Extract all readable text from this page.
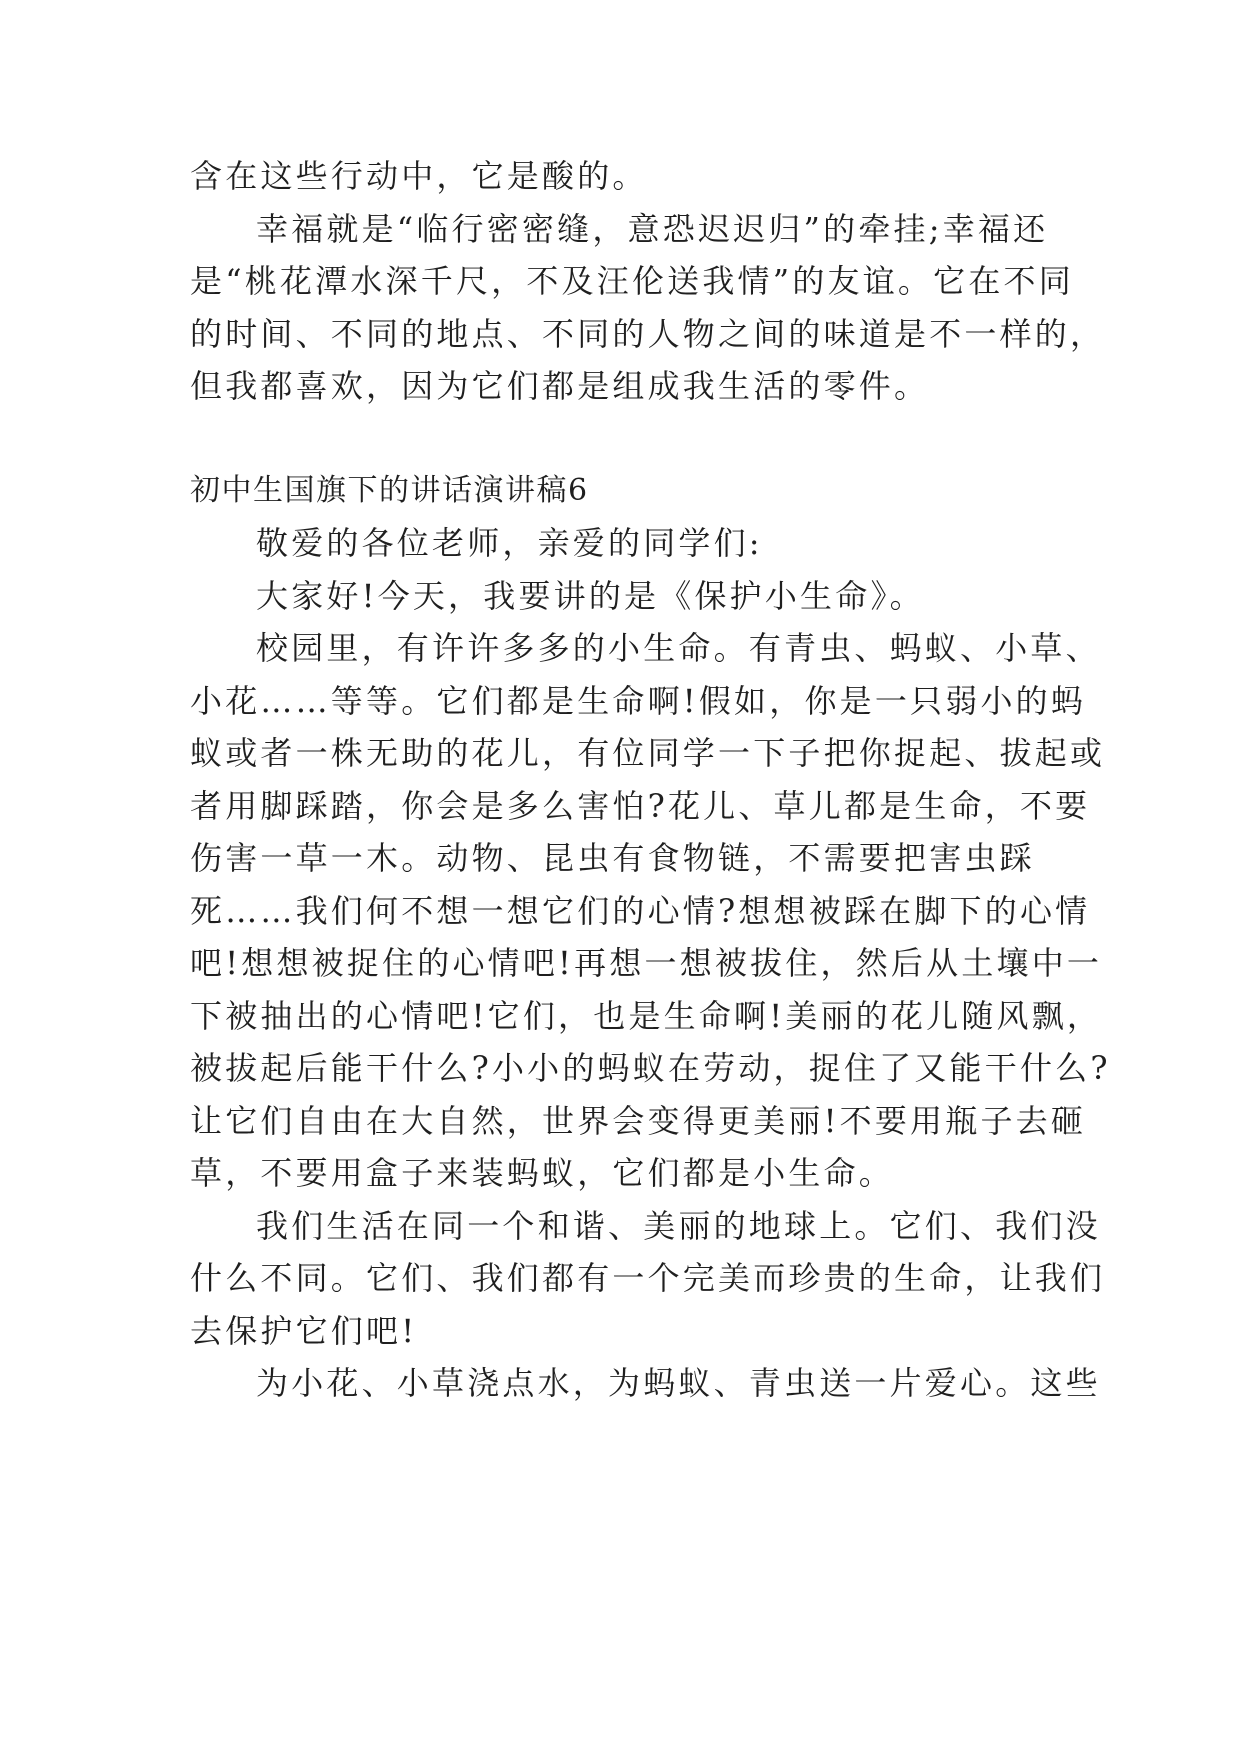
含在这些行动中，它是酸的。
幸福就是“临行密密缝，意恐迟迟归”的牵挂;幸福还
是“桃花潭水深千尺，不及汪伦送我情”的友谊。它在不同
的时间、不同的地点、不同的人物之间的味道是不一样的，
但我都喜欢，因为它们都是组成我生活的零件。
初中生国旗下的讲话演讲稿6
敬爱的各位老师，亲爱的同学们:
大家好!今天，我要讲的是《保护小生命》。
校园里，有许许多多的小生命。有青虫、蚂蚁、小草、
小花……等等。它们都是生命啊!假如，你是一只弱小的蚂
蚁或者一株无助的花儿，有位同学一下子把你捉起、拔起或
者用脚踩踏，你会是多么害怕?花儿、草儿都是生命，不要
伤害一草一木。动物、昆虫有食物链，不需要把害虫踩
死……我们何不想一想它们的心情?想想被踩在脚下的心情
吧!想想被捉住的心情吧!再想一想被拔住，然后从土壤中一
下被抽出的心情吧!它们，也是生命啊!美丽的花儿随风飘，
被拔起后能干什么?小小的蚂蚁在劳动，捉住了又能干什么?
让它们自由在大自然，世界会变得更美丽!不要用瓶子去砸
草，不要用盒子来装蚂蚁，它们都是小生命。
我们生活在同一个和谐、美丽的地球上。它们、我们没
什么不同。它们、我们都有一个完美而珍贵的生命，让我们
去保护它们吧!
为小花、小草浇点水，为蚂蚁、青虫送一片爱心。这些
